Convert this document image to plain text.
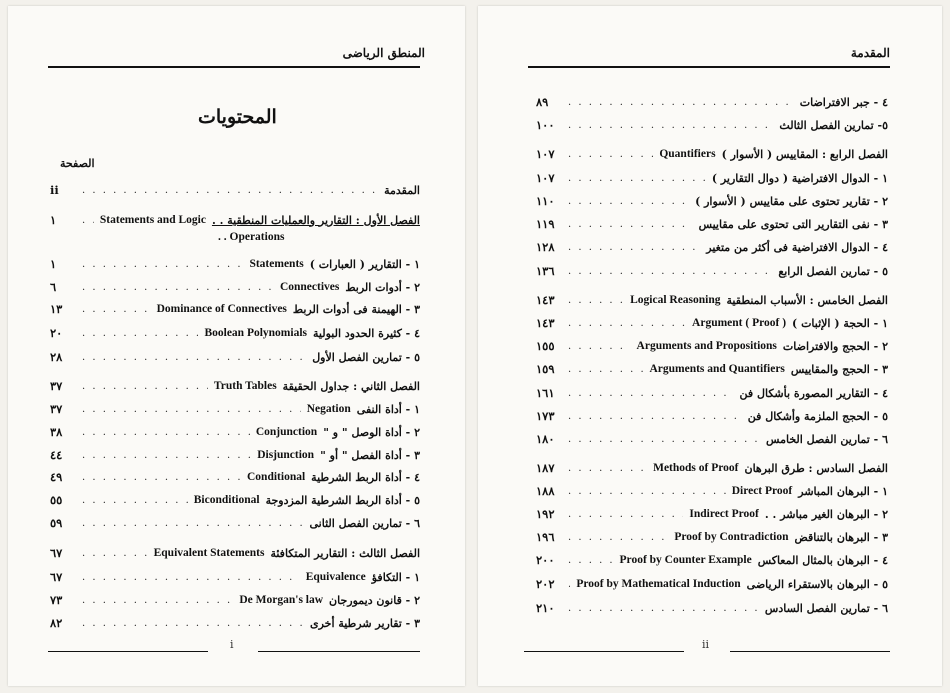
المنطق الرياضى
المحتويات
الصفحة
المقدمة
. . .
ii
الفصل الأول : التقارير والعمليات المنطقية . .
Statements and Logic
. . .
١
. . Operations
١ - التقارير ( العبارات )
Statements
. . .
١
٢ - أدوات الربط
Connectives
. . .
٦
٣ - الهيمنة فى أدوات الربط
Dominance of Connectives
. . .
١٣
٤ - كثيرة الحدود البولية
Boolean Polynomials
. . .
٢٠
٥ - تمارين الفصل الأول
. . .
٢٨
الفصل الثاني : جداول الحقيقة
Truth Tables
. . .
٣٧
١ - أداة النفى
Negation
. . .
٣٧
٢ - أداة الوصل " و "
Conjunction
. . .
٣٨
٣ - أداة الفصل " أو "
Disjunction
. . .
٤٤
٤ - أداة الربط الشرطية
Conditional
. . .
٤٩
٥ - أداة الربط الشرطية المزدوجة
Biconditional
. . .
٥٥
٦ - تمارين الفصل الثانى
. . .
٥٩
الفصل الثالث : التقارير المتكافئة
Equivalent Statements
. . .
٦٧
١ - التكافؤ
Equivalence
. . .
٦٧
٢ - قانون ديمورجان
De Morgan's law
. . .
٧٣
٣ - تقارير شرطية أخرى
. . .
٨٢
i
المقدمة
٤ - جبر الافتراضات
. . .
٨٩
٥- تمارين الفصل الثالث
. . .
١٠٠
الفصل الرابع : المقاييس ( الأسوار )
Quantifiers
. . .
١٠٧
١ - الدوال الافتراضية ( دوال التقارير )
. . .
١٠٧
٢ - تقارير تحتوى على مقاييس ( الأسوار )
. . .
١١٠
٣ - نفى التقارير التى تحتوى على مقاييس
. . .
١١٩
٤ - الدوال الافتراضية فى أكثر من متغير
. . .
١٢٨
٥ - تمارين الفصل الرابع
. . .
١٣٦
الفصل الخامس : الأسباب المنطقية
Logical Reasoning
. . .
١٤٣
١ - الحجة ( الإثبات )
Argument ( Proof )
. . .
١٤٣
٢ - الحجج والافتراضات
Arguments and Propositions
. . .
١٥٥
٣ - الحجج والمقاييس
Arguments and Quantifiers
. . .
١٥٩
٤ - التقارير المصورة بأشكال فن
. . .
١٦١
٥ - الحجج الملزمة وأشكال فن
. . .
١٧٣
٦ - تمارين الفصل الخامس
. . .
١٨٠
الفصل السادس : طرق البرهان
Methods of Proof
. . .
١٨٧
١ - البرهان المباشر
Direct Proof
. . .
١٨٨
٢ - البرهان الغير مباشر . .
Indirect Proof
. . .
١٩٢
٣ - البرهان بالتناقض
Proof by Contradiction
. . .
١٩٦
٤ - البرهان بالمثال المعاكس
Proof by Counter Example
. . .
٢٠٠
٥ - البرهان بالاستقراء الرياضى
Proof by Mathematical Induction
. . .
٢٠٢
٦ - تمارين الفصل السادس
. . .
٢١٠
ii
